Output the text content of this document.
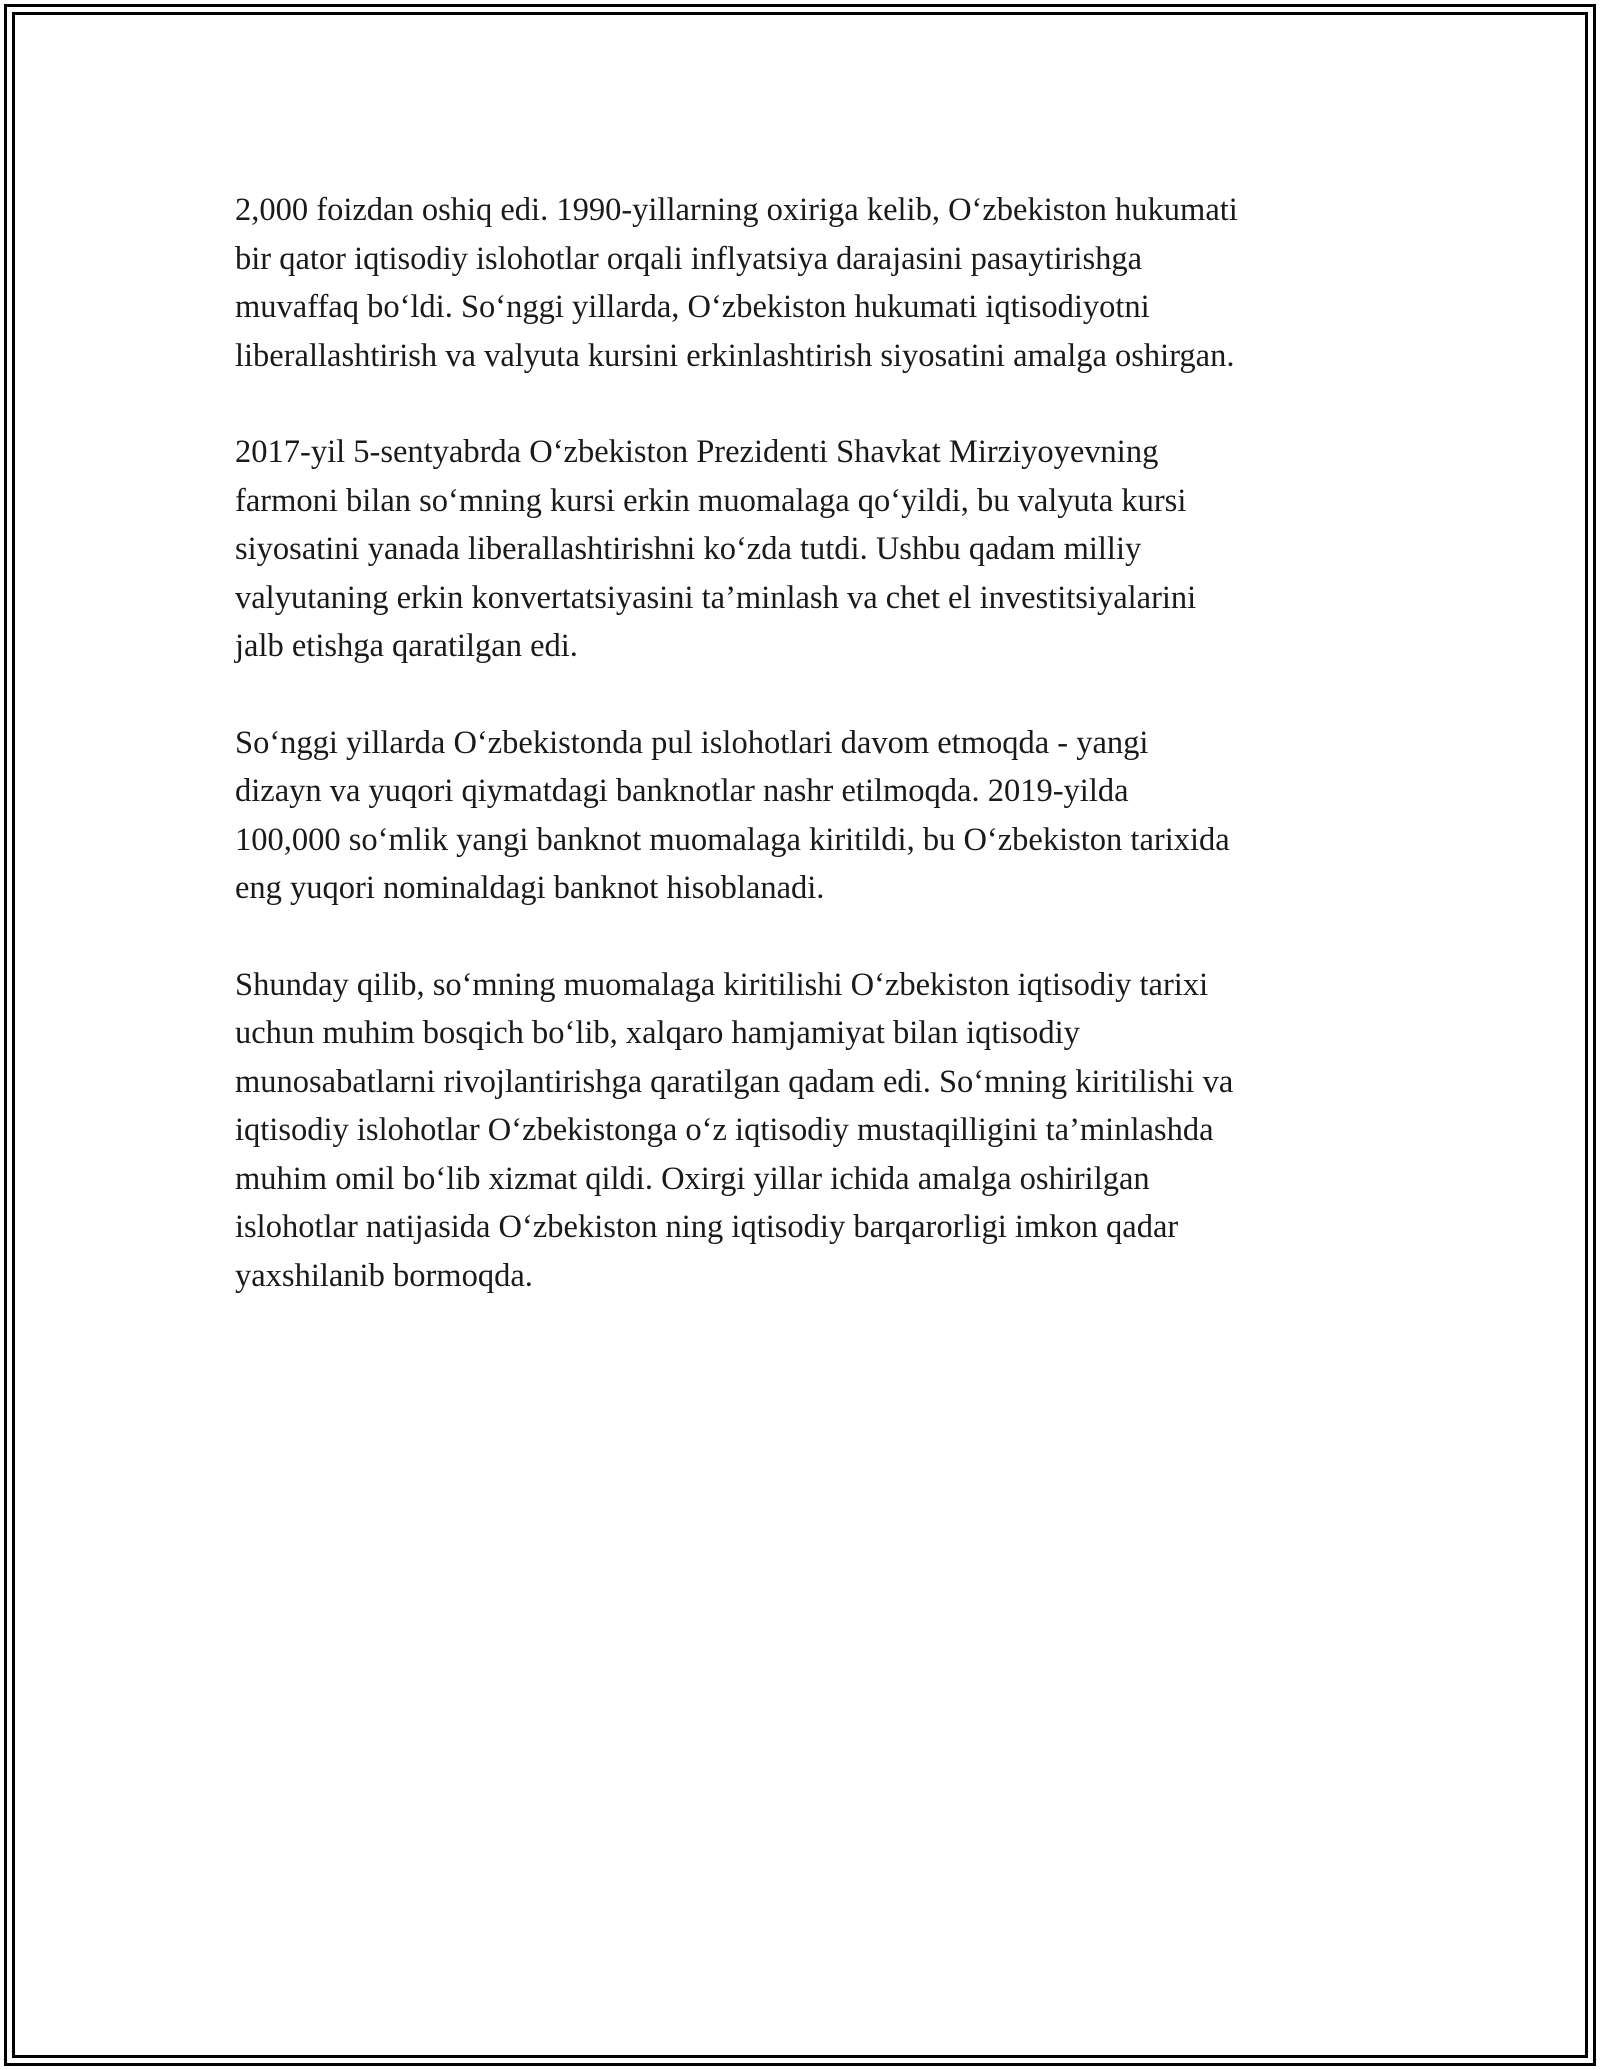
2,000 foizdan oshiq edi. 1990-yillarning oxiriga kelib, O‘zbekiston hukumati
bir qator iqtisodiy islohotlar orqali inflyatsiya darajasini pasaytirishga
muvaffaq bo‘ldi. So‘nggi yillarda, O‘zbekiston hukumati iqtisodiyotni
liberallashtirish va valyuta kursini erkinlashtirish siyosatini amalga oshirgan.

2017-yil 5-sentyabrda O‘zbekiston Prezidenti Shavkat Mirziyoyevning
farmoni bilan so‘mning kursi erkin muomalaga qo‘yildi, bu valyuta kursi
siyosatini yanada liberallashtirishni ko‘zda tutdi. Ushbu qadam milliy
valyutaning erkin konvertatsiyasini ta’minlash va chet el investitsiyalarini
jalb etishga qaratilgan edi.

So‘nggi yillarda O‘zbekistonda pul islohotlari davom etmoqda - yangi
dizayn va yuqori qiymatdagi banknotlar nashr etilmoqda. 2019-yilda
100,000 so‘mlik yangi banknot muomalaga kiritildi, bu O‘zbekiston tarixida
eng yuqori nominaldagi banknot hisoblanadi.

Shunday qilib, so‘mning muomalaga kiritilishi O‘zbekiston iqtisodiy tarixi
uchun muhim bosqich bo‘lib, xalqaro hamjamiyat bilan iqtisodiy
munosabatlarni rivojlantirishga qaratilgan qadam edi. So‘mning kiritilishi va
iqtisodiy islohotlar O‘zbekistonga o‘z iqtisodiy mustaqilligini ta’minlashda
muhim omil bo‘lib xizmat qildi. Oxirgi yillar ichida amalga oshirilgan
islohotlar natijasida O‘zbekiston ning iqtisodiy barqarorligi imkon qadar
yaxshilanib bormoqda.
